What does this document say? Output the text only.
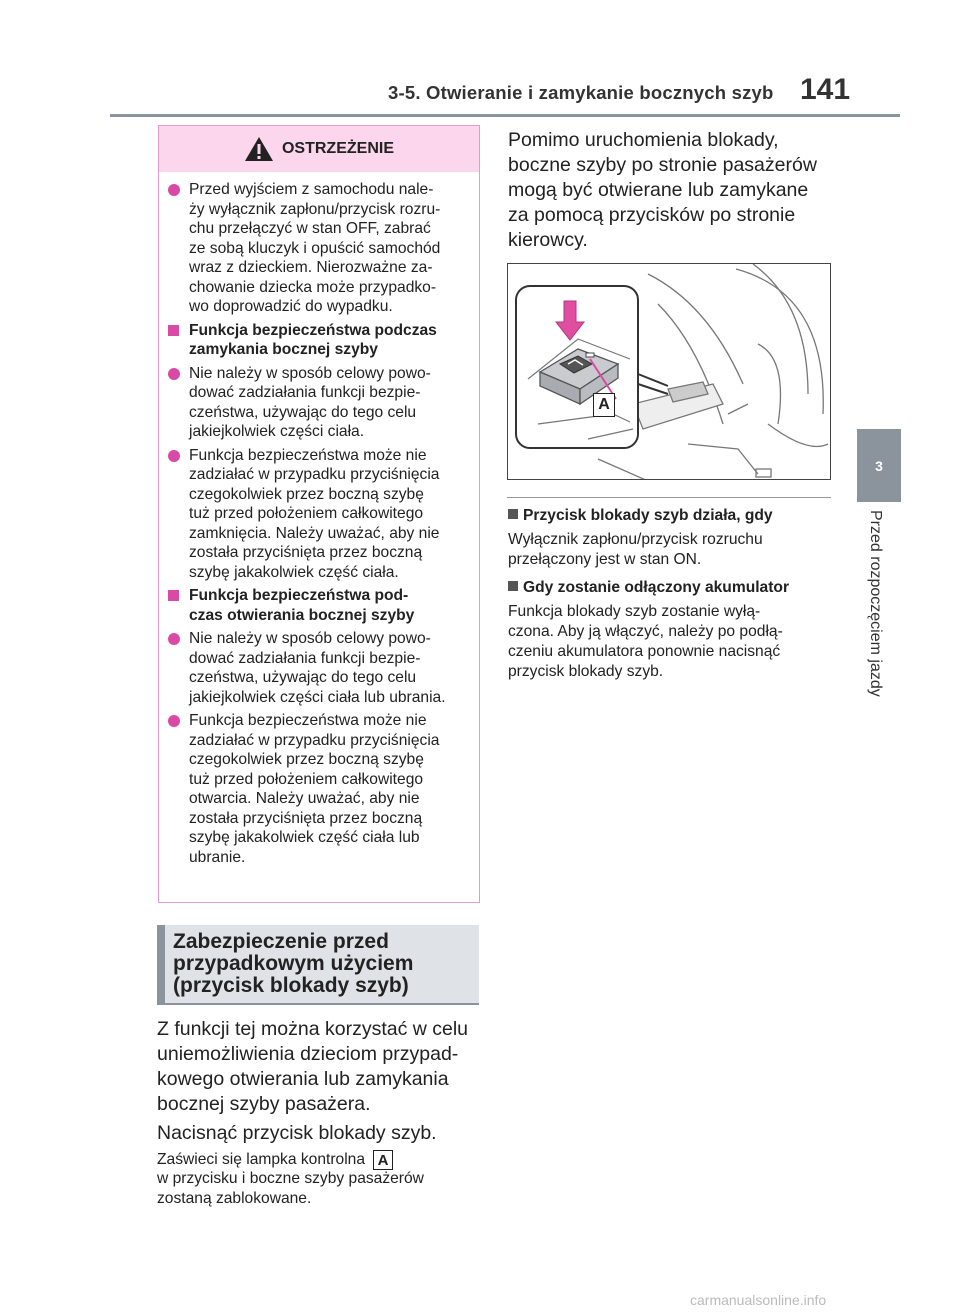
3-5. Otwieranie i zamykanie bocznych szyb 141
3
Przed rozpoczęciem jazdy
OSTRZEŻENIE
Przed wyjściem z samochodu nale-
ży wyłącznik zapłonu/przycisk rozru-
chu przełączyć w stan OFF, zabrać
ze sobą kluczyk i opuścić samochód
wraz z dzieckiem. Nierozważne za-
chowanie dziecka może przypadko-
wo doprowadzić do wypadku.
Funkcja bezpieczeństwa podczas
zamykania bocznej szyby
Nie należy w sposób celowy powo-
dować zadziałania funkcji bezpie-
czeństwa, używając do tego celu
jakiejkolwiek części ciała.
Funkcja bezpieczeństwa może nie
zadziałać w przypadku przyciśnięcia
czegokolwiek przez boczną szybę
tuż przed położeniem całkowitego
zamknięcia. Należy uważać, aby nie
została przyciśnięta przez boczną
szybę jakakolwiek część ciała.
Funkcja bezpieczeństwa pod-
czas otwierania bocznej szyby
Nie należy w sposób celowy powo-
dować zadziałania funkcji bezpie-
czeństwa, używając do tego celu
jakiejkolwiek części ciała lub ubrania.
Funkcja bezpieczeństwa może nie
zadziałać w przypadku przyciśnięcia
czegokolwiek przez boczną szybę
tuż przed położeniem całkowitego
otwarcia. Należy uważać, aby nie
została przyciśnięta przez boczną
szybę jakakolwiek część ciała lub
ubranie.
Zabezpieczenie przed
przypadkowym użyciem
(przycisk blokady szyb)
Z funkcji tej można korzystać w celu
uniemożliwienia dzieciom przypad-
kowego otwierania lub zamykania
bocznej szyby pasażera.
Nacisnąć przycisk blokady szyb.
Zaświeci się lampka kontrolna A
w przycisku i boczne szyby pasażerów
zostaną zablokowane.
Pomimo uruchomienia blokady,
boczne szyby po stronie pasażerów
mogą być otwierane lub zamykane
za pomocą przycisków po stronie
kierowcy.
A
Przycisk blokady szyb działa, gdy
Wyłącznik zapłonu/przycisk rozruchu
przełączony jest w stan ON.
Gdy zostanie odłączony akumulator
Funkcja blokady szyb zostanie wyłą-
czona. Aby ją włączyć, należy po podłą-
czeniu akumulatora ponownie nacisnąć
przycisk blokady szyb.
carmanualsonline.info
